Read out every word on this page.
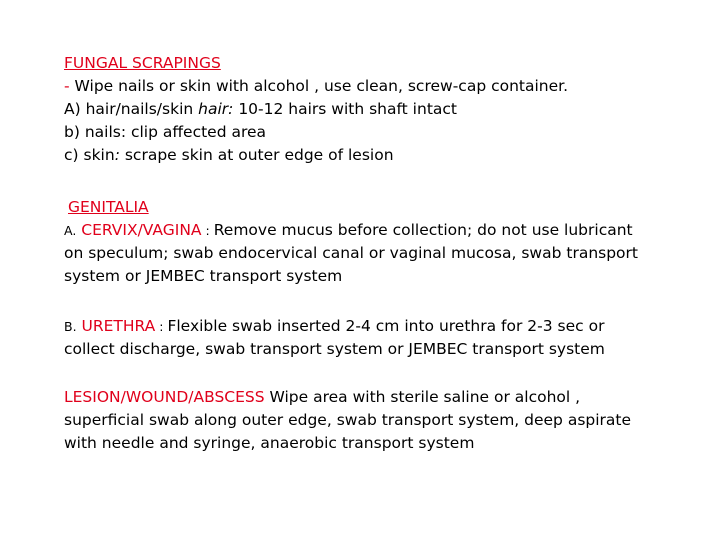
FUNGAL SCRAPINGS
- Wipe nails or skin with alcohol , use clean, screw-cap container.
A) hair/nails/skin hair: 10-12 hairs with shaft intact
b) nails: clip affected area
c) skin: scrape skin at outer edge of lesion
GENITALIA
A. CERVIX/VAGINA : Remove mucus before collection; do not use lubricant
on speculum; swab endocervical canal or vaginal mucosa, swab transport
system or JEMBEC transport system
B. URETHRA : Flexible swab inserted 2-4 cm into urethra for 2-3 sec or
collect discharge, swab transport system or JEMBEC transport system
LESION/WOUND/ABSCESS Wipe area with sterile saline or alcohol ,
superficial swab along outer edge, swab transport system, deep aspirate
with needle and syringe, anaerobic transport system
